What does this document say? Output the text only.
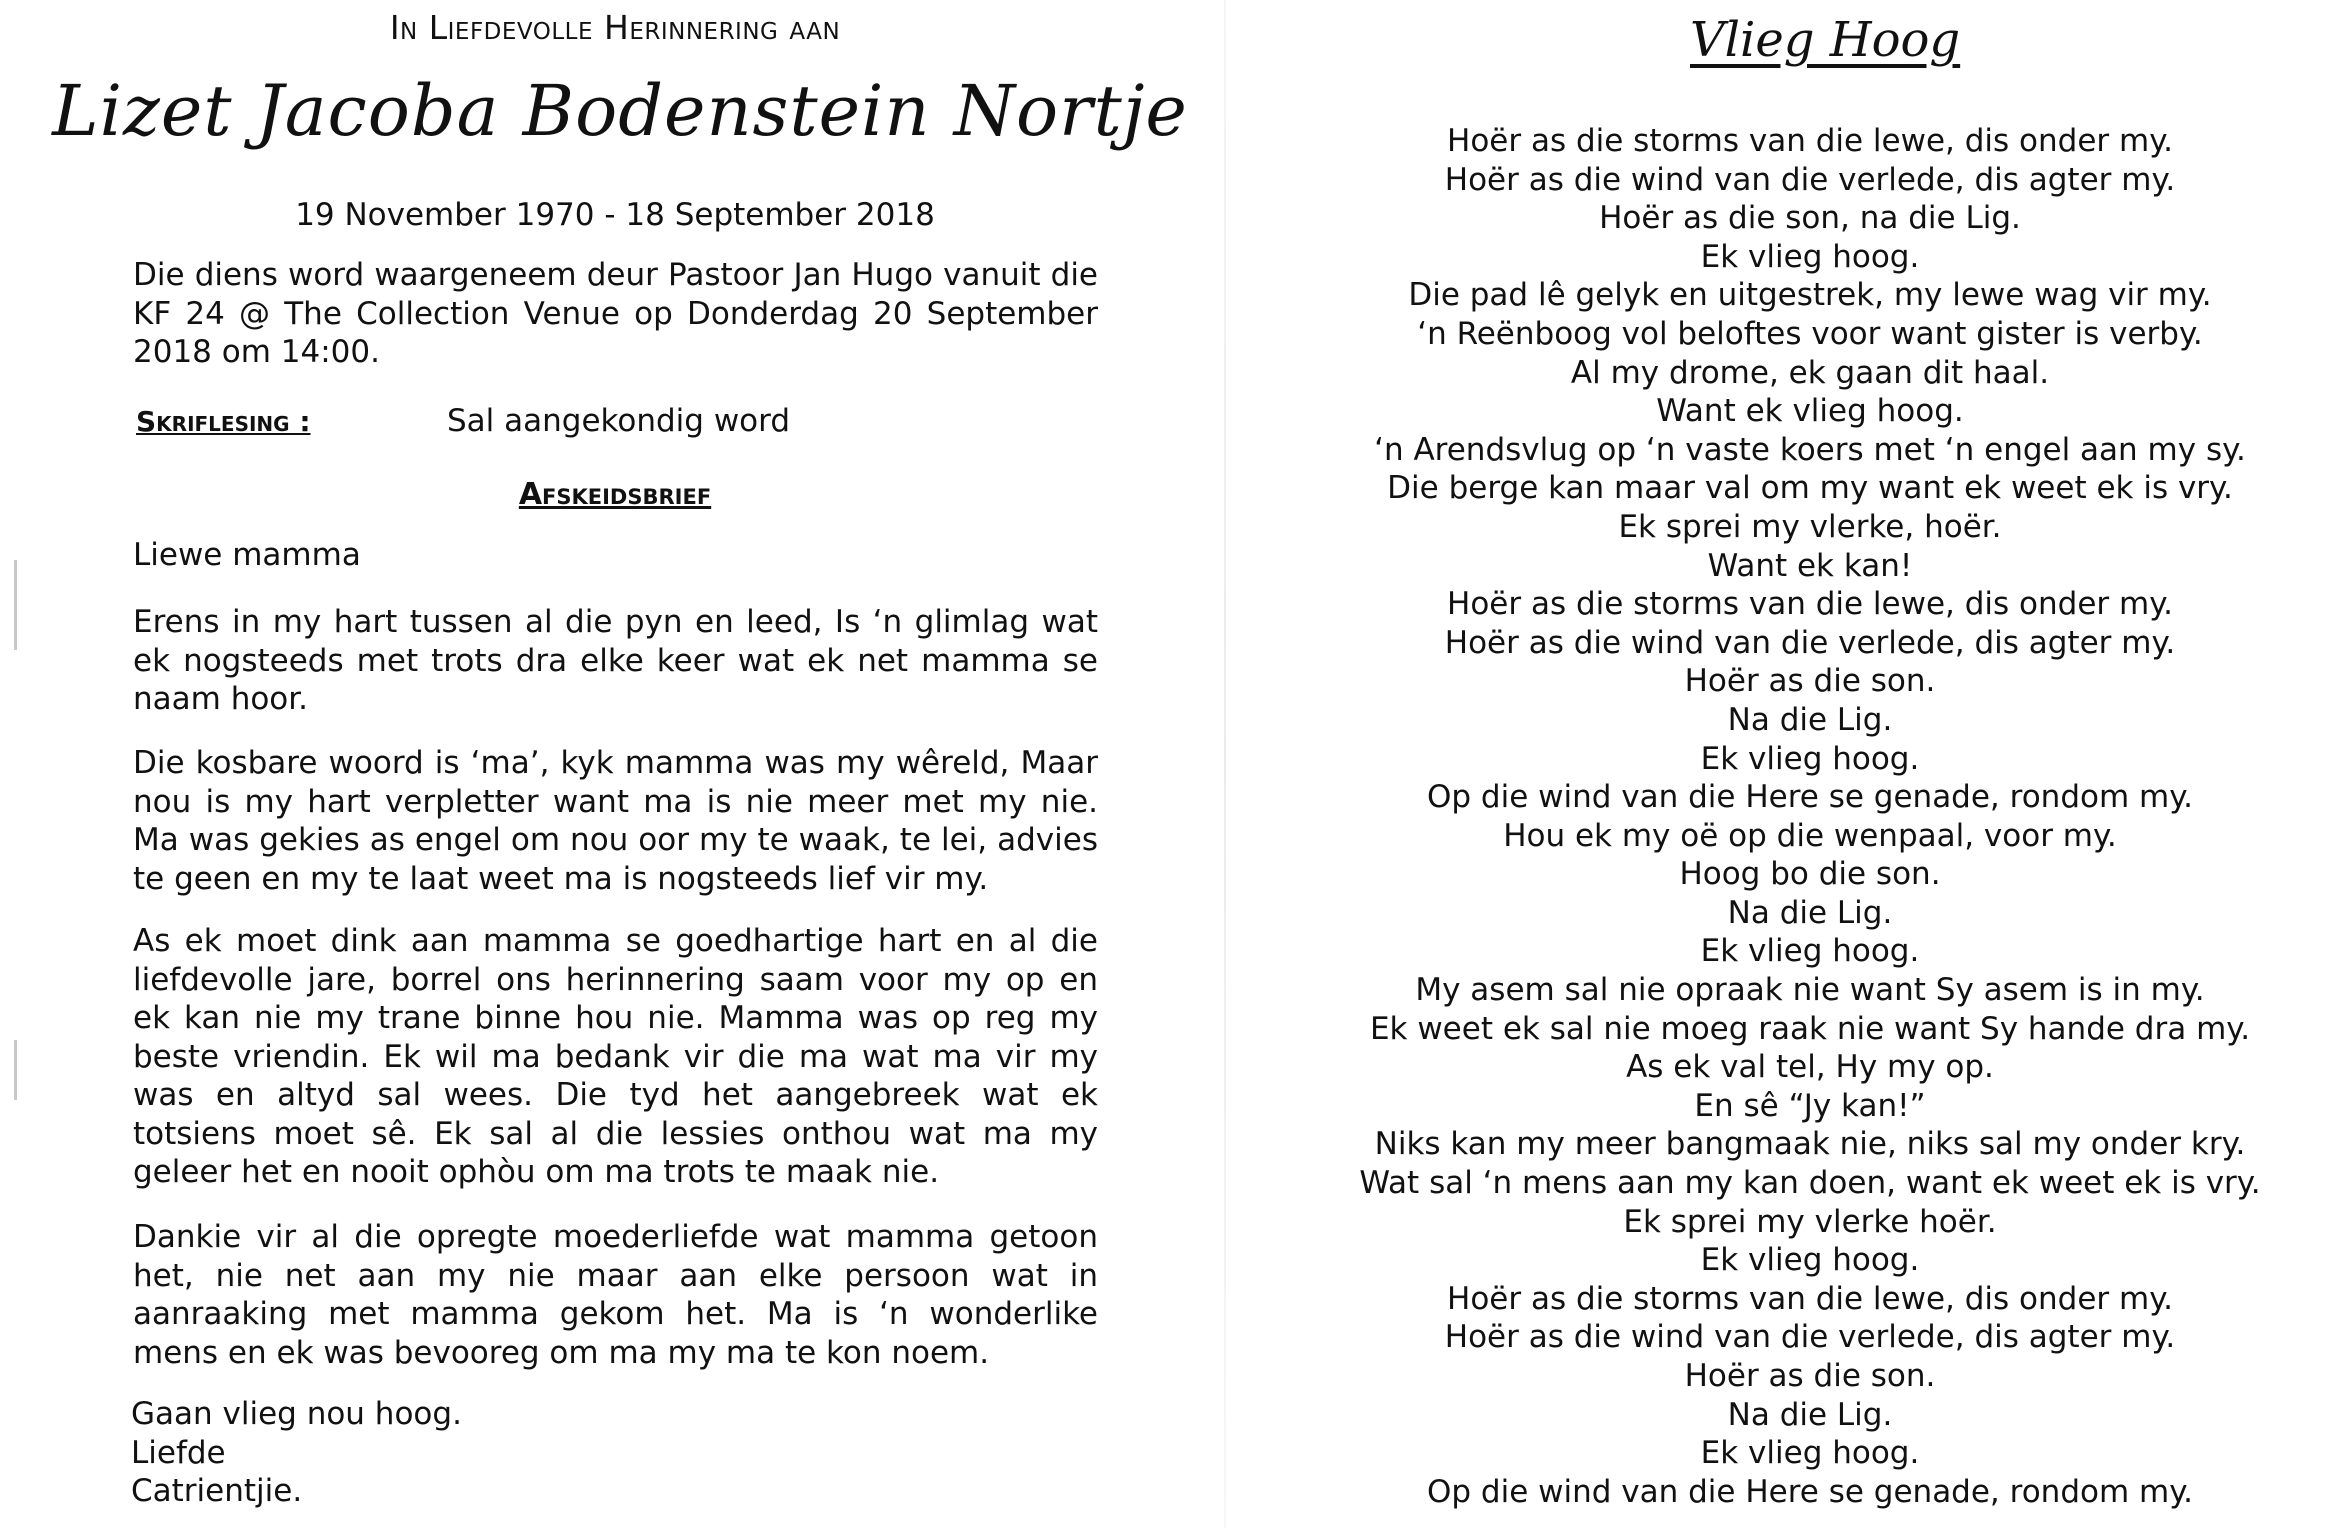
In Liefdevolle Herinnering aan
Lizet Jacoba Bodenstein Nortje
19 November 1970 - 18 September 2018
Die diens word waargeneem deur Pastoor Jan Hugo vanuit die KF 24 @ The Collection Venue op Donderdag 20 September 2018 om 14:00.
Skriflesing :	Sal aangekondig word
Afskeidsbrief
Liewe mamma
Erens in my hart tussen al die pyn en leed, Is ‘n glimlag wat ek nogsteeds met trots dra elke keer wat ek net mamma se naam hoor.
Die kosbare woord is ‘ma’, kyk mamma was my wêreld, Maar nou is my hart verpletter want ma is nie meer met my nie. Ma was gekies as engel om nou oor my te waak, te lei, advies te geen en my te laat weet ma is nogsteeds lief vir my.
As ek moet dink aan mamma se goedhartige hart en al die liefdevolle jare, borrel ons herinnering saam voor my op en ek kan nie my trane binne hou nie. Mamma was op reg my beste vriendin. Ek wil ma bedank vir die ma wat ma vir my was en altyd sal wees. Die tyd het aangebreek wat ek totsiens moet sê. Ek sal al die lessies onthou wat ma my geleer het en nooit ophòu om ma trots te maak nie.
Dankie vir al die opregte moederliefde wat mamma getoon het, nie net aan my nie maar aan elke persoon wat in aanraaking met mamma gekom het. Ma is ‘n wonderlike mens en ek was bevooreg om ma my ma te kon noem.
Gaan vlieg nou hoog.
Liefde
Catrientjie.
Vlieg Hoog
Hoër as die storms van die lewe, dis onder my.
Hoër as die wind van die verlede, dis agter my.
Hoër as die son, na die Lig.
Ek vlieg hoog.
Die pad lê gelyk en uitgestrek, my lewe wag vir my.
‘n Reënboog vol beloftes voor want gister is verby.
Al my drome, ek gaan dit haal.
Want ek vlieg hoog.
‘n Arendsvlug op ‘n vaste koers met ‘n engel aan my sy.
Die berge kan maar val om my want ek weet ek is vry.
Ek sprei my vlerke, hoër.
Want ek kan!
Hoër as die storms van die lewe, dis onder my.
Hoër as die wind van die verlede, dis agter my.
Hoër as die son.
Na die Lig.
Ek vlieg hoog.
Op die wind van die Here se genade, rondom my.
Hou ek my oë op die wenpaal, voor my.
Hoog bo die son.
Na die Lig.
Ek vlieg hoog.
My asem sal nie opraak nie want Sy asem is in my.
Ek weet ek sal nie moeg raak nie want Sy hande dra my.
As ek val tel, Hy my op.
En sê “Jy kan!”
Niks kan my meer bangmaak nie, niks sal my onder kry.
Wat sal ‘n mens aan my kan doen, want ek weet ek is vry.
Ek sprei my vlerke hoër.
Ek vlieg hoog.
Hoër as die storms van die lewe, dis onder my.
Hoër as die wind van die verlede, dis agter my.
Hoër as die son.
Na die Lig.
Ek vlieg hoog.
Op die wind van die Here se genade, rondom my.
